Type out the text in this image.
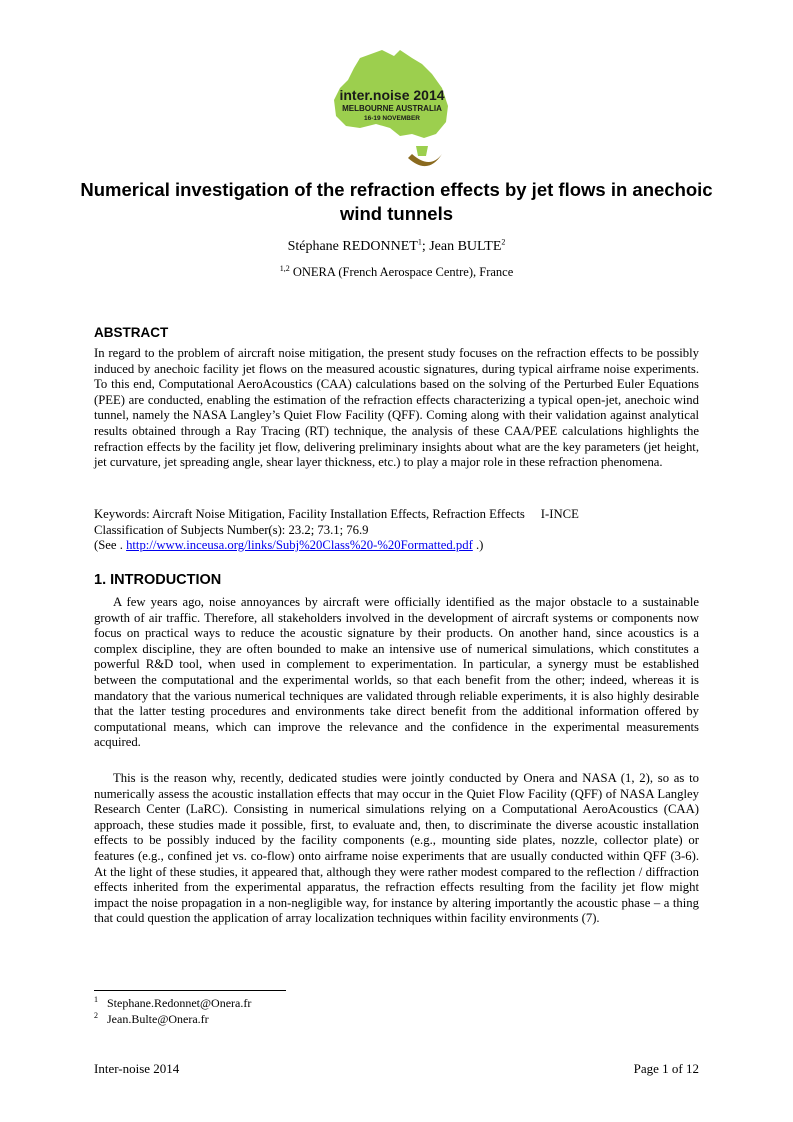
inter.noise 2014
MELBOURNE AUSTRALIA
16-19 NOVEMBER
Numerical investigation of the refraction effects by jet flows in anechoic wind tunnels
Stéphane REDONNET$^1$; Jean BULTE$^2$
$^{1,2}$ ONERA (French Aerospace Centre), France
ABSTRACT

In regard to the problem of aircraft noise mitigation, the present study focuses on the refraction effects to be possibly induced by anechoic facility jet flows on the measured acoustic signatures, during typical airframe noise experiments. To this end, Computational AeroAcoustics (CAA) calculations based on the solving of the Perturbed Euler Equations (PEE) are conducted, enabling the estimation of the refraction effects characterizing a typical open-jet, anechoic wind tunnel, namely the NASA Langley’s Quiet Flow Facility (QFF). Coming along with their validation against analytical results obtained through a Ray Tracing (RT) technique, the analysis of these CAA/PEE calculations highlights the refraction effects by the facility jet flow, delivering preliminary insights about what are the key parameters (jet height, jet curvature, jet spreading angle, shear layer thickness, etc.) to play a major role in these refraction phenomena.

Keywords: Aircraft Noise Mitigation, Facility Installation Effects, Refraction Effects I-INCE
Classification of Subjects Number(s): 23.2; 73.1; 76.9
(See . http://www.inceusa.org/links/Subj%20Class%20-%20Formatted.pdf .)
1. INTRODUCTION

A few years ago, noise annoyances by aircraft were officially identified as the major obstacle to a sustainable growth of air traffic. Therefore, all stakeholders involved in the development of aircraft systems or components now focus on practical ways to reduce the acoustic signature by their products. On another hand, since acoustics is a complex discipline, they are often bounded to make an intensive use of numerical simulations, which constitutes a powerful R&D tool, when used in complement to experimentation. In particular, a synergy must be established between the computational and the experimental worlds, so that each benefit from the other; indeed, whereas it is mandatory that the various numerical techniques are validated through reliable experiments, it is also highly desirable that the latter testing procedures and environments take direct benefit from the additional information offered by computational means, which can improve the relevance and the confidence in the experimental measurements acquired.

This is the reason why, recently, dedicated studies were jointly conducted by Onera and NASA (1, 2), so as to numerically assess the acoustic installation effects that may occur in the Quiet Flow Facility (QFF) of NASA Langley Research Center (LaRC). Consisting in numerical simulations relying on a Computational AeroAcoustics (CAA) approach, these studies made it possible, first, to evaluate and, then, to discriminate the diverse acoustic installation effects to be possibly induced by the facility components (e.g., mounting side plates, nozzle, collector plate) or features (e.g., confined jet vs. co-flow) onto airframe noise experiments that are usually conducted within QFF (3-6). At the light of these studies, it appeared that, although they were rather modest compared to the reflection / diffraction effects inherited from the experimental apparatus, the refraction effects resulting from the facility jet flow might impact the noise propagation in a non-negligible way, for instance by altering importantly the acoustic phase – a thing that could question the application of array localization techniques within facility environments (7).

$^1$ Stephane.Redonnet@Onera.fr
$^2$ Jean.Bulte@Onera.fr
Inter-noise 2014	Page 1 of 12
